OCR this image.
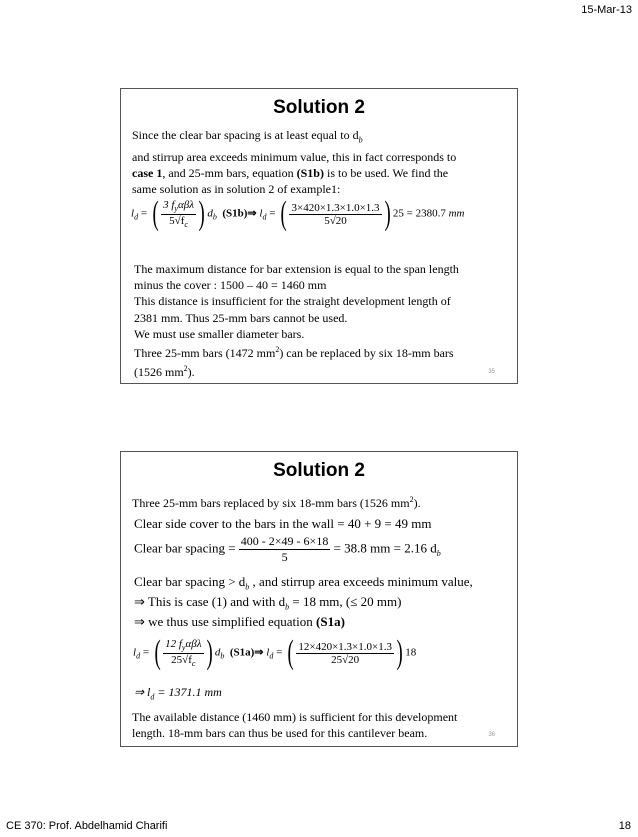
15-Mar-13
Solution 2
Since the clear bar spacing is at least equal to $d_b$
and stirrup area exceeds minimum value, this in fact corresponds to
case 1, and 25-mm bars, equation (S1b) is to be used. We find the
same solution as in solution 2 of example1:
$l_d$ = ( $\frac{3 f_y\alpha\beta\lambda}{5√f_c}$ ) $d_b$ (S1b)⇒ $l_d$ = ( $\frac{3\times 420\times 1.3\times 1.0\times 1.3}{5√20}$ ) 25 = 2380.7 mm
The maximum distance for bar extension is equal to the span length
minus the cover : 1500 – 40 = 1460 mm
This distance is insufficient for the straight development length of
2381 mm. Thus 25-mm bars cannot be used.
We must use smaller diameter bars.
Three 25-mm bars (1472 $mm^2$) can be replaced by six 18-mm bars
(1526 $mm^2$).	35
Solution 2
Three 25-mm bars replaced by six 18-mm bars (1526 $mm^2$).
Clear side cover to the bars in the wall = 40 + 9 = 49 mm
Clear bar spacing = $\frac{400 - 2\times 49 - 6\times 18}{5} = 38.8$ mm = 2.16 $d_b$
Clear bar spacing > $d_b$ , and stirrup area exceeds minimum value,
⇒ This is case (1) and with $d_b = 18$ mm, (≤ 20 mm)
⇒ we thus use simplified equation (S1a)
$l_d$ = ( $\frac{12 f_y\alpha\beta\lambda}{25√f_c}$ ) $d_b$ (S1a)⇒ $l_d$ = ( $\frac{12\times 420\times 1.3\times 1.0\times 1.3}{25√20}$ ) 18
⇒ $l_d = 1371.1$ mm
The available distance (1460 mm) is sufficient for this development
length. 18-mm bars can thus be used for this cantilever beam.	36
CE 370: Prof. Abdelhamid Charifi	18
